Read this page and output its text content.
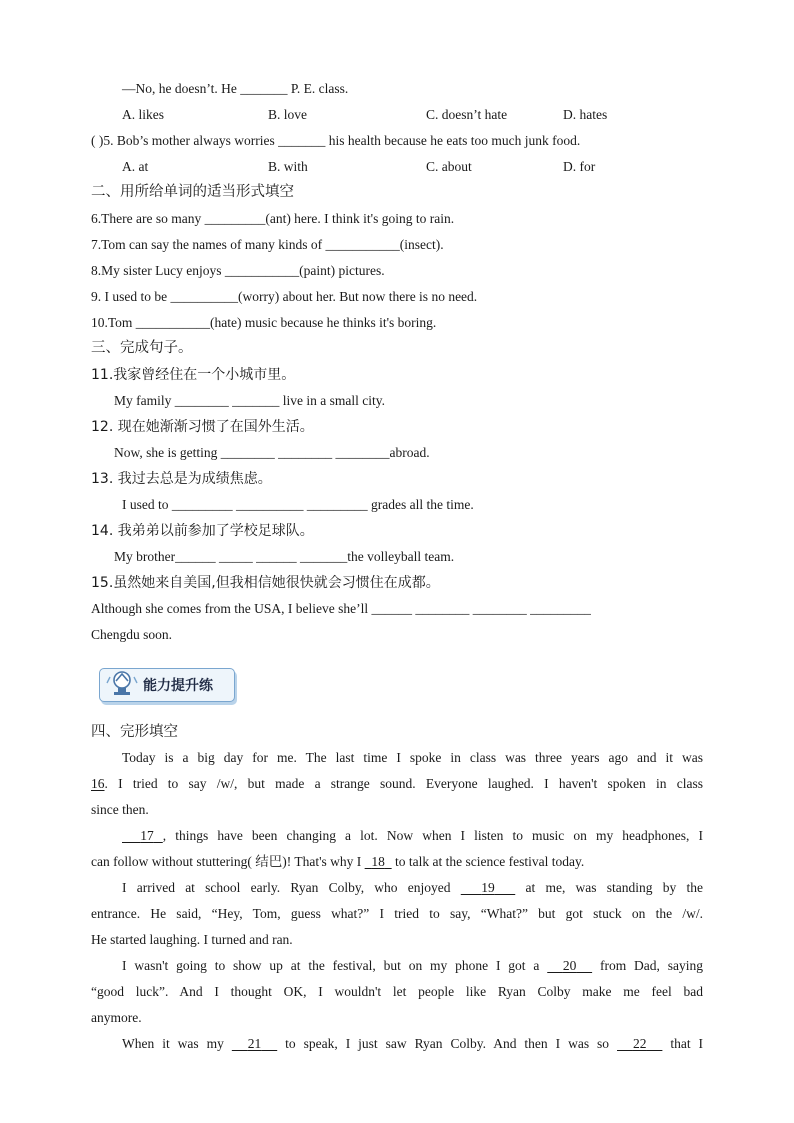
—No, he doesn’t. He _______ P. E. class.
A. likes	B. love	C. doesn’t hate	D. hates
( )5. Bob’s mother always worries _______ his health because he eats too much junk food.
A. at	B. with	C. about	D. for
二、用所给单词的适当形式填空
6.There are so many _________(ant) here. I think it's going to rain.
7.Tom can say the names of many kinds of ___________(insect).
8.My sister Lucy enjoys ___________(paint) pictures.
9. I used to be __________(worry) about her. But now there is no need.
10.Tom ___________(hate) music because he thinks it's boring.
三、完成句子。
11.我家曾经住在一个小城市里。
My family ________ _______ live in a small city.
12. 现在她渐渐习惯了在国外生活。
Now, she is getting ________ ________ ________abroad.
13. 我过去总是为成绩焦虑。
I used to _________ __________ _________ grades all the time.
14. 我弟弟以前参加了学校足球队。
My brother______ _____ ______ _______the volleyball team.
15.虽然她来自美国,但我相信她很快就会习惯住在成都。
Although she comes from the USA, I believe she’ll ______ ________ ________ _________
Chengdu soon.
能力提升练
四、完形填空
Today is a big day for me. The last time I spoke in class was three years ago and it was
16. I tried to say /w/, but made a strange sound. Everyone laughed. I haven't spoken in class
since then.
17 , things have been changing a lot. Now when I listen to music on my headphones, I
can follow without stuttering( 结巴)! That's why I   18   to talk at the science festival today.
I arrived at school early. Ryan Colby, who enjoyed   19   at me, was standing by the
entrance. He said, “Hey, Tom, guess what?” I tried to say, “What?” but got stuck on the /w/.
He started laughing. I turned and ran.
I wasn't going to show up at the festival, but on my phone I got a   20   from Dad, saying
“good luck”. And I thought OK, I wouldn't let people like Ryan Colby make me feel bad
anymore.
When it was my   21   to speak, I just saw Ryan Colby. And then I was so   22   that I
